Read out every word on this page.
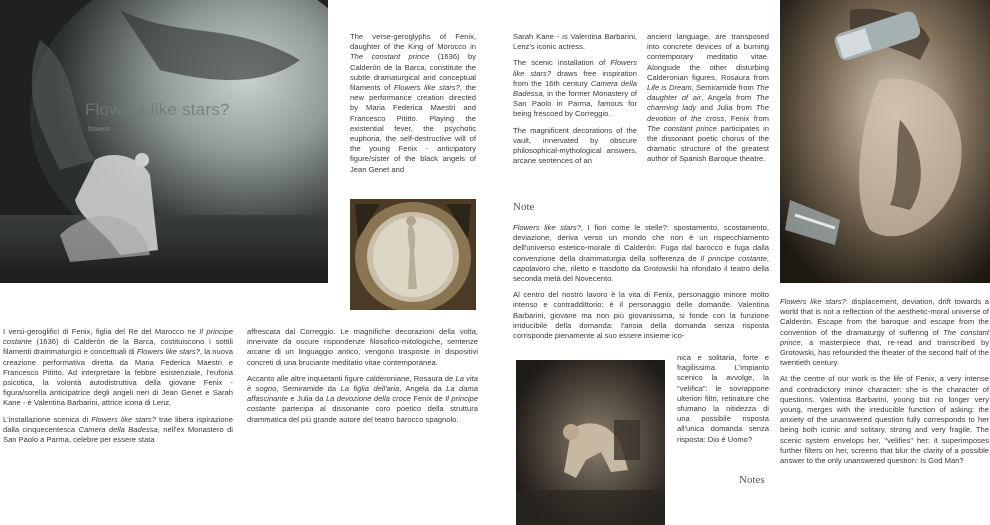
Flowers like stars?
flowers

The verse-geroglyphs of Fenix, daughter of the King of Morocco in The constant prince (1636) by Calderón de la Barca, constitute the subtle dramaturgical and conceptual filaments of Flowers like stars?, the new performance creation directed by Maria Federica Maestri and Francesco Pititto. Playing the existential fever, the psychotic euphoria, the self-destructive will of the young Fenix - anticipatory figure/sister of the black angels of Jean Genet and

Sarah Kane - is Valentina Barbarini, Lenz's iconic actress.

The scenic installation of Flowers like stars? draws free inspiration from the 16th century Camera della Badessa, in the former Monastery of San Paolo in Parma, famous for being frescoed by Correggio.

The magnificent decorations of the vault, innervated by obscure philosophical-mythological answers, arcane sentences of an

ancient language, are transposed into concrete devices of a burning contemporary meditatio vitae. Alongside the other disturbing Calderonian figures, Rosaura from Life is Dream, Semiramidè from The daughter of air, Angela from The charming lady and Julia from The devotion of the cross, Fenix from The constant prince participates in the dissonant poetic chorus of the dramatic structure of the greatest author of Spanish Baroque theatre.

Note

Flowers like stars?, I fiori come le stelle?: spostamento, scostamento, deviazione, deriva verso un mondo che non è un rispecchiamento dell'universo estetico-morale di Calderón. Fuga dal barocco e fuga dalla convenzione della drammaturgia della sofferenza de Il principe costante, capolavoro che, riletto e trasdotto da Grotowski ha rifondato il teatro della seconda metà del Novecento.

Al centro del nostro lavoro è la vita di Fenix, personaggio minore molto intenso e contraddittorio: è il personaggio delle domande. Valentina Barbarini, giovane ma non più giovanissima, si fonde con la funzione irriducibile della domanda: l'ansia della domanda senza risposta corrisponde pienamente al suo essere insieme ico-

nica e solitaria, forte e fragilissima. L'impianto scenico la avvolge, la "velifica": le sovrappone ulteriori filtri, retinature che sfumano la nitidezza di una possibile risposta all'unica domanda senza risposta: Dio è Uomo?

Notes

Flowers like stars?: displacement, deviation, drift towards a world that is not a reflection of the aesthetic-moral universe of Calderón. Escape from the baroque and escape from the convention of the dramaturgy of suffering of The constant prince, a masterpiece that, re-read and transcribed by Grotowski, has refounded the theater of the second half of the twentieth century.

At the centre of our work is the life of Fenix, a very intense and contradictory minor character: she is the character of questions. Valentina Barbarini, young but no longer very young, merges with the irreducible function of asking: the anxiety of the unanswered question fully corresponds to her being both iconic and solitary, strong and very fragile. The scenic system envelops her, "velifies" her: it superimposes further filters on her, screens that blur the clarity of a possible answer to the only unanswered question: Is God Man?

I versi-geroglifici di Fenix, figlia del Re del Marocco ne Il principe costante (1636) di Calderón de la Barca, costituiscono i sottili filamenti drammaturgici e concettuali di Flowers like stars?, la nuova creazione performativa diretta da Maria Federica Maestri e Francesco Pititto. Ad interpretare la febbre esistenziale, l'euforia psicotica, la volontà autodistruttiva della giovane Fenix - figura/sorella anticipatrice degli angeli neri di Jean Genet e Sarah Kane - è Valentina Barbarini, attrice icona di Lenz.

L'installazione scenica di Flowers like stars? trae libera ispirazione dalla cinquecentesca Camera della Badessa, nell'ex Monastero di San Paolo a Parma, celebre per essere stata

affrescata dal Correggio. Le magnifiche decorazioni della volta, innervate da oscure rispondenze filosofico-mitologiche, sentenze arcane di un linguaggio antico, vengono trasposte in dispositivi concreti di una bruciante meditatio vitae contemporanea.

Accanto alle altre inquietanti figure calderoniane, Rosaura de La vita è sogno, Semiramide da La figlia dell'aria, Angela da La dama affascinante e Julia da La devozione della croce Fenix de Il principe costante partecipa al dissonante coro poetico della struttura drammatica del più grande autore del teatro barocco spagnolo.
